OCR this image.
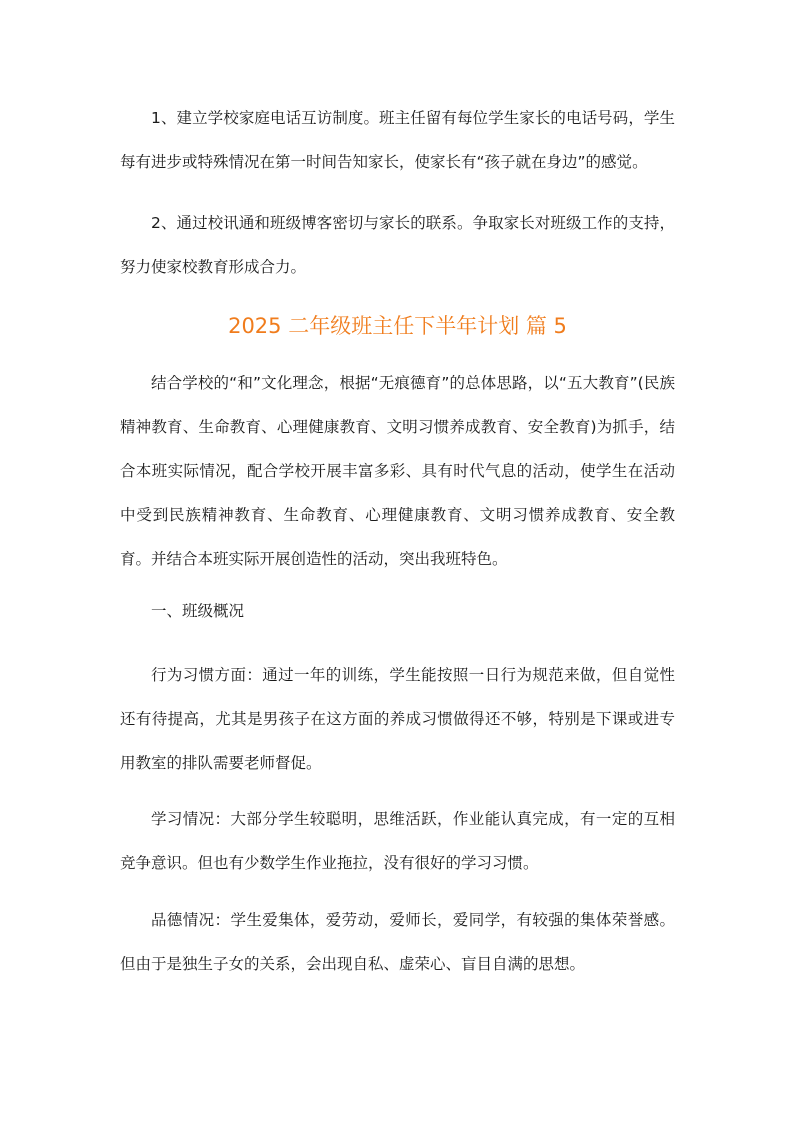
1、建立学校家庭电话互访制度。班主任留有每位学生家长的电话号码，学生每有进步或特殊情况在第一时间告知家长，使家长有“孩子就在身边”的感觉。

2、通过校讯通和班级博客密切与家长的联系。争取家长对班级工作的支持，努力使家校教育形成合力。

2025 二年级班主任下半年计划 篇 5

结合学校的“和”文化理念，根据“无痕德育”的总体思路，以“五大教育”(民族精神教育、生命教育、心理健康教育、文明习惯养成教育、安全教育)为抓手，结合本班实际情况，配合学校开展丰富多彩、具有时代气息的活动，使学生在活动中受到民族精神教育、生命教育、心理健康教育、文明习惯养成教育、安全教育。并结合本班实际开展创造性的活动，突出我班特色。

一、班级概况

行为习惯方面：通过一年的训练，学生能按照一日行为规范来做，但自觉性还有待提高，尤其是男孩子在这方面的养成习惯做得还不够，特别是下课或进专用教室的排队需要老师督促。

学习情况：大部分学生较聪明，思维活跃，作业能认真完成，有一定的互相竞争意识。但也有少数学生作业拖拉，没有很好的学习习惯。

品德情况：学生爱集体，爱劳动，爱师长，爱同学，有较强的集体荣誉感。但由于是独生子女的关系，会出现自私、虚荣心、盲目自满的思想。
